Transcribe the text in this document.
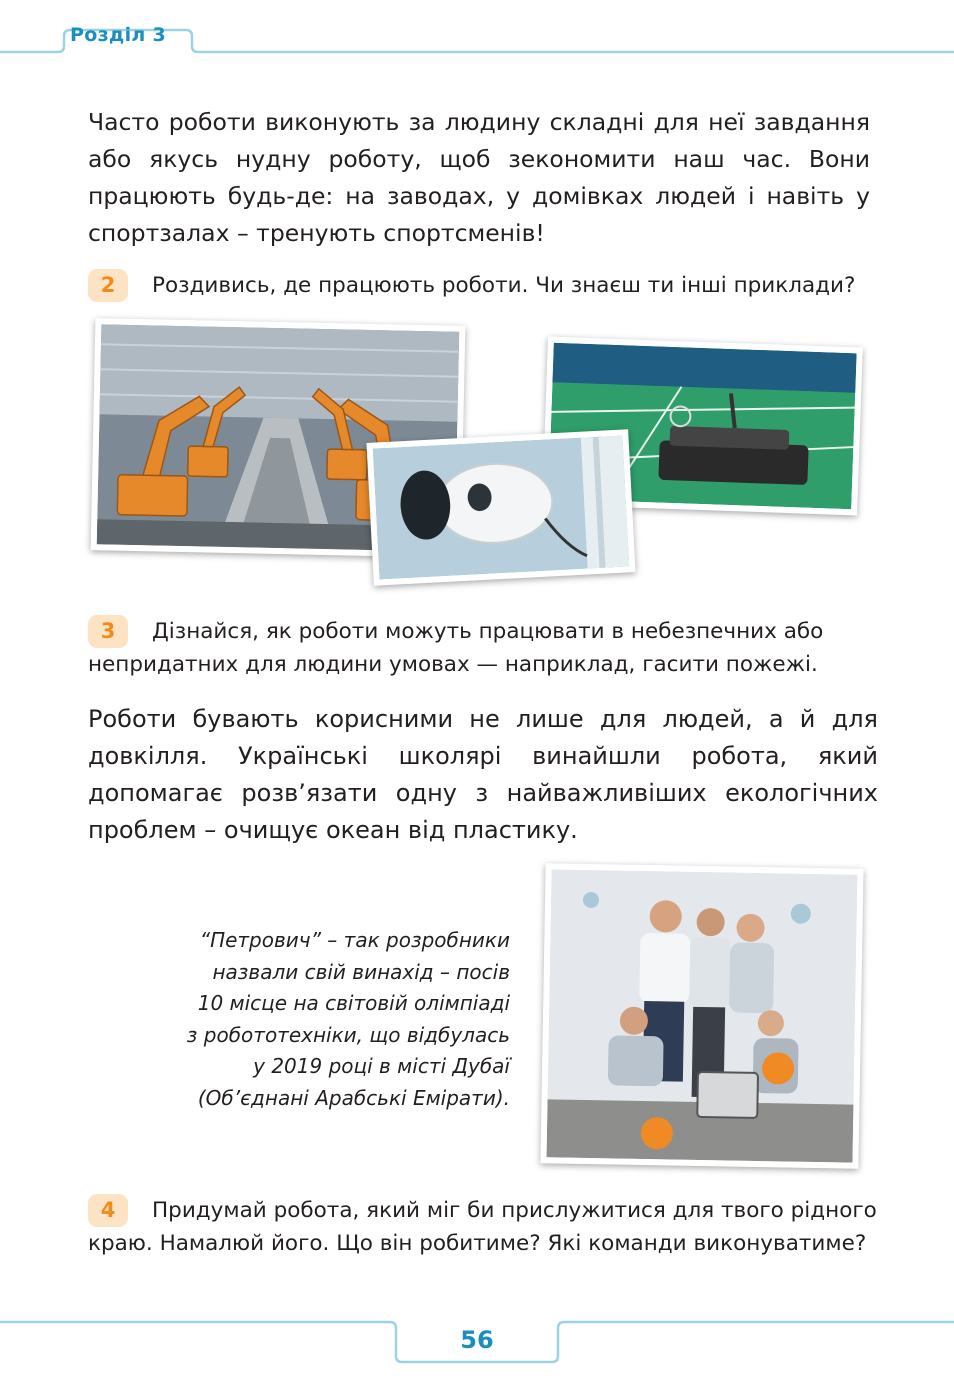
Розділ 3
Часто роботи виконують за людину складні для неї завдання або якусь нудну роботу, щоб зекономити наш час. Вони працюють будь-де: на заводах, у домівках людей і навіть у спортзалах – тренують спортсменів!
2 Роздивись, де працюють роботи. Чи знаєш ти інші приклади?
3 Дізнайся, як роботи можуть працювати в небезпечних або непридатних для людини умовах — наприклад, гасити пожежі.
Роботи бувають корисними не лише для людей, а й для довкілля. Українські школярі винайшли робота, який допомагає розв’язати одну з найважливіших екологічних проблем – очищує океан від пластику.
“Петрович” – так розробники
назвали свій винахід – посів
10 місце на світовій олімпіаді
з робототехніки, що відбулась
у 2019 році в місті Дубаї
(Об’єднані Арабські Емірати).
4 Придумай робота, який міг би прислужитися для твого рідного краю. Намалюй його. Що він робитиме? Які команди виконуватиме?
56
